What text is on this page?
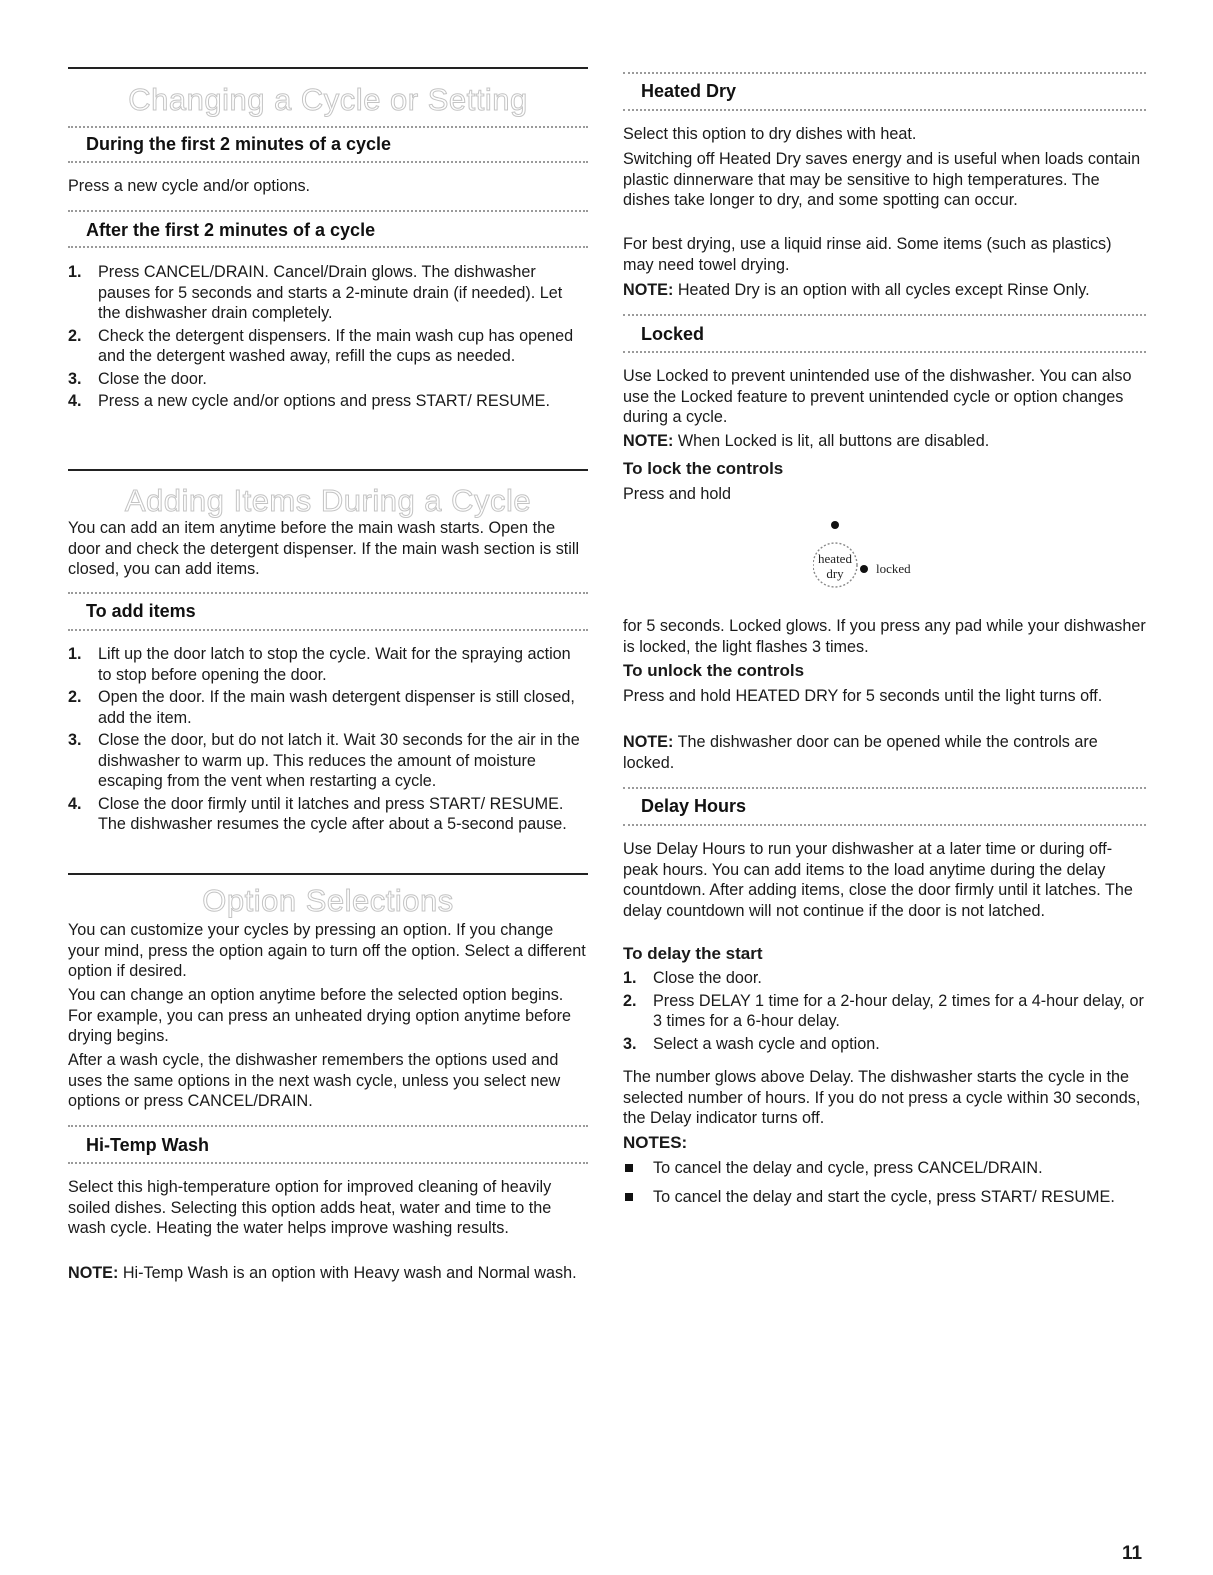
Changing a Cycle or Setting
During the first 2 minutes of a cycle

Press a new cycle and/or options.

After the first 2 minutes of a cycle
1. Press CANCEL/DRAIN. Cancel/Drain glows. The dishwasher pauses for 5 seconds and starts a 2-minute drain (if needed). Let the dishwasher drain completely.
2. Check the detergent dispensers. If the main wash cup has opened and the detergent washed away, refill the cups as needed.
3. Close the door.
4. Press a new cycle and/or options and press START/ RESUME.
Adding Items During a Cycle

You can add an item anytime before the main wash starts. Open the door and check the detergent dispenser. If the main wash section is still closed, you can add items.

To add items
1. Lift up the door latch to stop the cycle. Wait for the spraying action to stop before opening the door.
2. Open the door. If the main wash detergent dispenser is still closed, add the item.
3. Close the door, but do not latch it. Wait 30 seconds for the air in the dishwasher to warm up. This reduces the amount of moisture escaping from the vent when restarting a cycle.
4. Close the door firmly until it latches and press START/ RESUME. The dishwasher resumes the cycle after about a 5-second pause.
Option Selections

You can customize your cycles by pressing an option. If you change your mind, press the option again to turn off the option. Select a different option if desired.

You can change an option anytime before the selected option begins. For example, you can press an unheated drying option anytime before drying begins.

After a wash cycle, the dishwasher remembers the options used and uses the same options in the next wash cycle, unless you select new options or press CANCEL/DRAIN.

Hi-Temp Wash

Select this high-temperature option for improved cleaning of heavily soiled dishes. Selecting this option adds heat, water and time to the wash cycle. Heating the water helps improve washing results.

NOTE: Hi-Temp Wash is an option with Heavy wash and Normal wash.

Heated Dry

Select this option to dry dishes with heat.

Switching off Heated Dry saves energy and is useful when loads contain plastic dinnerware that may be sensitive to high temperatures. The dishes take longer to dry, and some spotting can occur.

For best drying, use a liquid rinse aid. Some items (such as plastics) may need towel drying.

NOTE: Heated Dry is an option with all cycles except Rinse Only.

Locked

Use Locked to prevent unintended use of the dishwasher. You can also use the Locked feature to prevent unintended cycle or option changes during a cycle.

NOTE: When Locked is lit, all buttons are disabled.

To lock the controls

Press and hold

heated
dry locked

for 5 seconds. Locked glows. If you press any pad while your dishwasher is locked, the light flashes 3 times.

To unlock the controls

Press and hold HEATED DRY for 5 seconds until the light turns off.

NOTE: The dishwasher door can be opened while the controls are locked.

Delay Hours

Use Delay Hours to run your dishwasher at a later time or during off-peak hours. You can add items to the load anytime during the delay countdown. After adding items, close the door firmly until it latches. The delay countdown will not continue if the door is not latched.

To delay the start
1. Close the door.
2. Press DELAY 1 time for a 2-hour delay, 2 times for a 4-hour delay, or 3 times for a 6-hour delay.
3. Select a wash cycle and option.

The number glows above Delay. The dishwasher starts the cycle in the selected number of hours. If you do not press a cycle within 30 seconds, the Delay indicator turns off.

NOTES:
To cancel the delay and cycle, press CANCEL/DRAIN.
To cancel the delay and start the cycle, press START/ RESUME.
11
